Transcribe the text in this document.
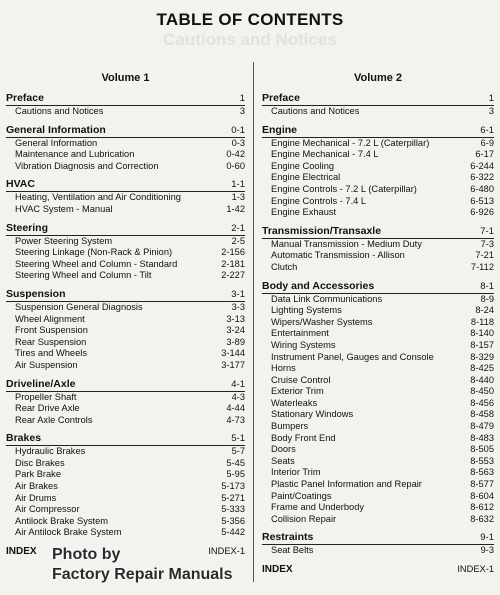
Cautions and Notices
TABLE OF CONTENTS
Volume 1
Preface	1
Cautions and Notices	3
General Information	0-1
General Information	0-3
Maintenance and Lubrication	0-42
Vibration Diagnosis and Correction	0-60
HVAC	1-1
Heating, Ventilation and Air Conditioning	1-3
HVAC System - Manual	1-42
Steering	2-1
Power Steering System	2-5
Steering Linkage (Non-Rack & Pinion)	2-156
Steering Wheel and Column - Standard	2-181
Steering Wheel and Column - Tilt	2-227
Suspension	3-1
Suspension General Diagnosis	3-3
Wheel Alignment	3-13
Front Suspension	3-24
Rear Suspension	3-89
Tires and Wheels	3-144
Air Suspension	3-177
Driveline/Axle	4-1
Propeller Shaft	4-3
Rear Drive Axle	4-44
Rear Axle Controls	4-73
Brakes	5-1
Hydraulic Brakes	5-7
Disc Brakes	5-45
Park Brake	5-95
Air Brakes	5-173
Air Drums	5-271
Air Compressor	5-333
Antilock Brake System	5-356
Air Antilock Brake System	5-442
INDEX	INDEX-1
Volume 2
Preface	1
Cautions and Notices	3
Engine	6-1
Engine Mechanical - 7.2 L (Caterpillar)	6-9
Engine Mechanical - 7.4 L	6-17
Engine Cooling	6-244
Engine Electrical	6-322
Engine Controls - 7.2 L (Caterpillar)	6-480
Engine Controls - 7.4 L	6-513
Engine Exhaust	6-926
Transmission/Transaxle	7-1
Manual Transmission - Medium Duty	7-3
Automatic Transmission - Allison	7-21
Clutch	7-112
Body and Accessories	8-1
Data Link Communications	8-9
Lighting Systems	8-24
Wipers/Washer Systems	8-118
Entertainment	8-140
Wiring Systems	8-157
Instrument Panel, Gauges and Console	8-329
Horns	8-425
Cruise Control	8-440
Exterior Trim	8-450
Waterleaks	8-456
Stationary Windows	8-458
Bumpers	8-479
Body Front End	8-483
Doors	8-505
Seats	8-553
Interior Trim	8-563
Plastic Panel Information and Repair	8-577
Paint/Coatings	8-604
Frame and Underbody	8-612
Collision Repair	8-632
Restraints	9-1
Seat Belts	9-3
INDEX	INDEX-1
Photo by
Factory Repair Manuals
